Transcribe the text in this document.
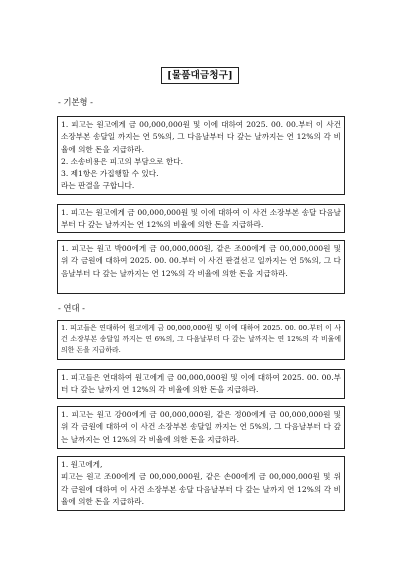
[물품대금청구]
- 기본형 -

1. 피고는 원고에게 금 00,000,000원 및 이에 대하여 2025. 00. 00.부터 이 사건 소장부본 송달일 까지는 연 5%의, 그 다음날부터 다 갚는 날까지는 연 12%의 각 비율에 의한 돈을 지급하라.

2. 소송비용은 피고의 부담으로 한다.

3. 제1항은 가집행할 수 있다.

라는 판결을 구합니다.

1. 피고는 원고에게 금 00,000,000원 및 이에 대하여 이 사건 소장부본 송달 다음날부터 다 갚는 날까지는 연 12%의 비율에 의한 돈을 지급하라.

1. 피고는 원고 박00에게 금 00,000,000원, 같은 조00에게 금 00,000,000원 및 위 각 금원에 대하여 2025. 00. 00.부터 이 사건 판결선고 일까지는 연 5%의, 그 다음날부터 다 갚는 날까지는 연 12%의 각 비율에 의한 돈을 지급하라.

- 연대 -

1. 피고들은 연대하여 원고에게 금 00,000,000원 및 이에 대하여 2025. 00. 00.부터 이 사건 소장부본 송달일 까지는 연 6%의, 그 다음날부터 다 갚는 날까지는 연 12%의 각 비율에 의한 돈을 지급하라.

1. 피고들은 연대하여 원고에게 금 00,000,000원 및 이에 대하여 2025. 00. 00.부터 다 갚는 날까지 연 12%의 각 비율에 의한 돈을 지급하라.

1. 피고는 원고 강00에게 금 00,000,000원, 같은 정00에게 금 00,000,000원 및 위 각 금원에 대하여 이 사건 소장부본 송달일 까지는 연 5%의, 그 다음날부터 다 갚는 날까지는 연 12%의 각 비율에 의한 돈을 지급하라.

1. 원고에게,

피고는 원고 조00에게 금 00,000,000원, 같은 손00에게 금 00,000,000원 및 위 각 금원에 대하여 이 사건 소장부본 송달 다음날부터 다 갚는 날까지 연 12%의 각 비율에 의한 돈을 지급하라.
